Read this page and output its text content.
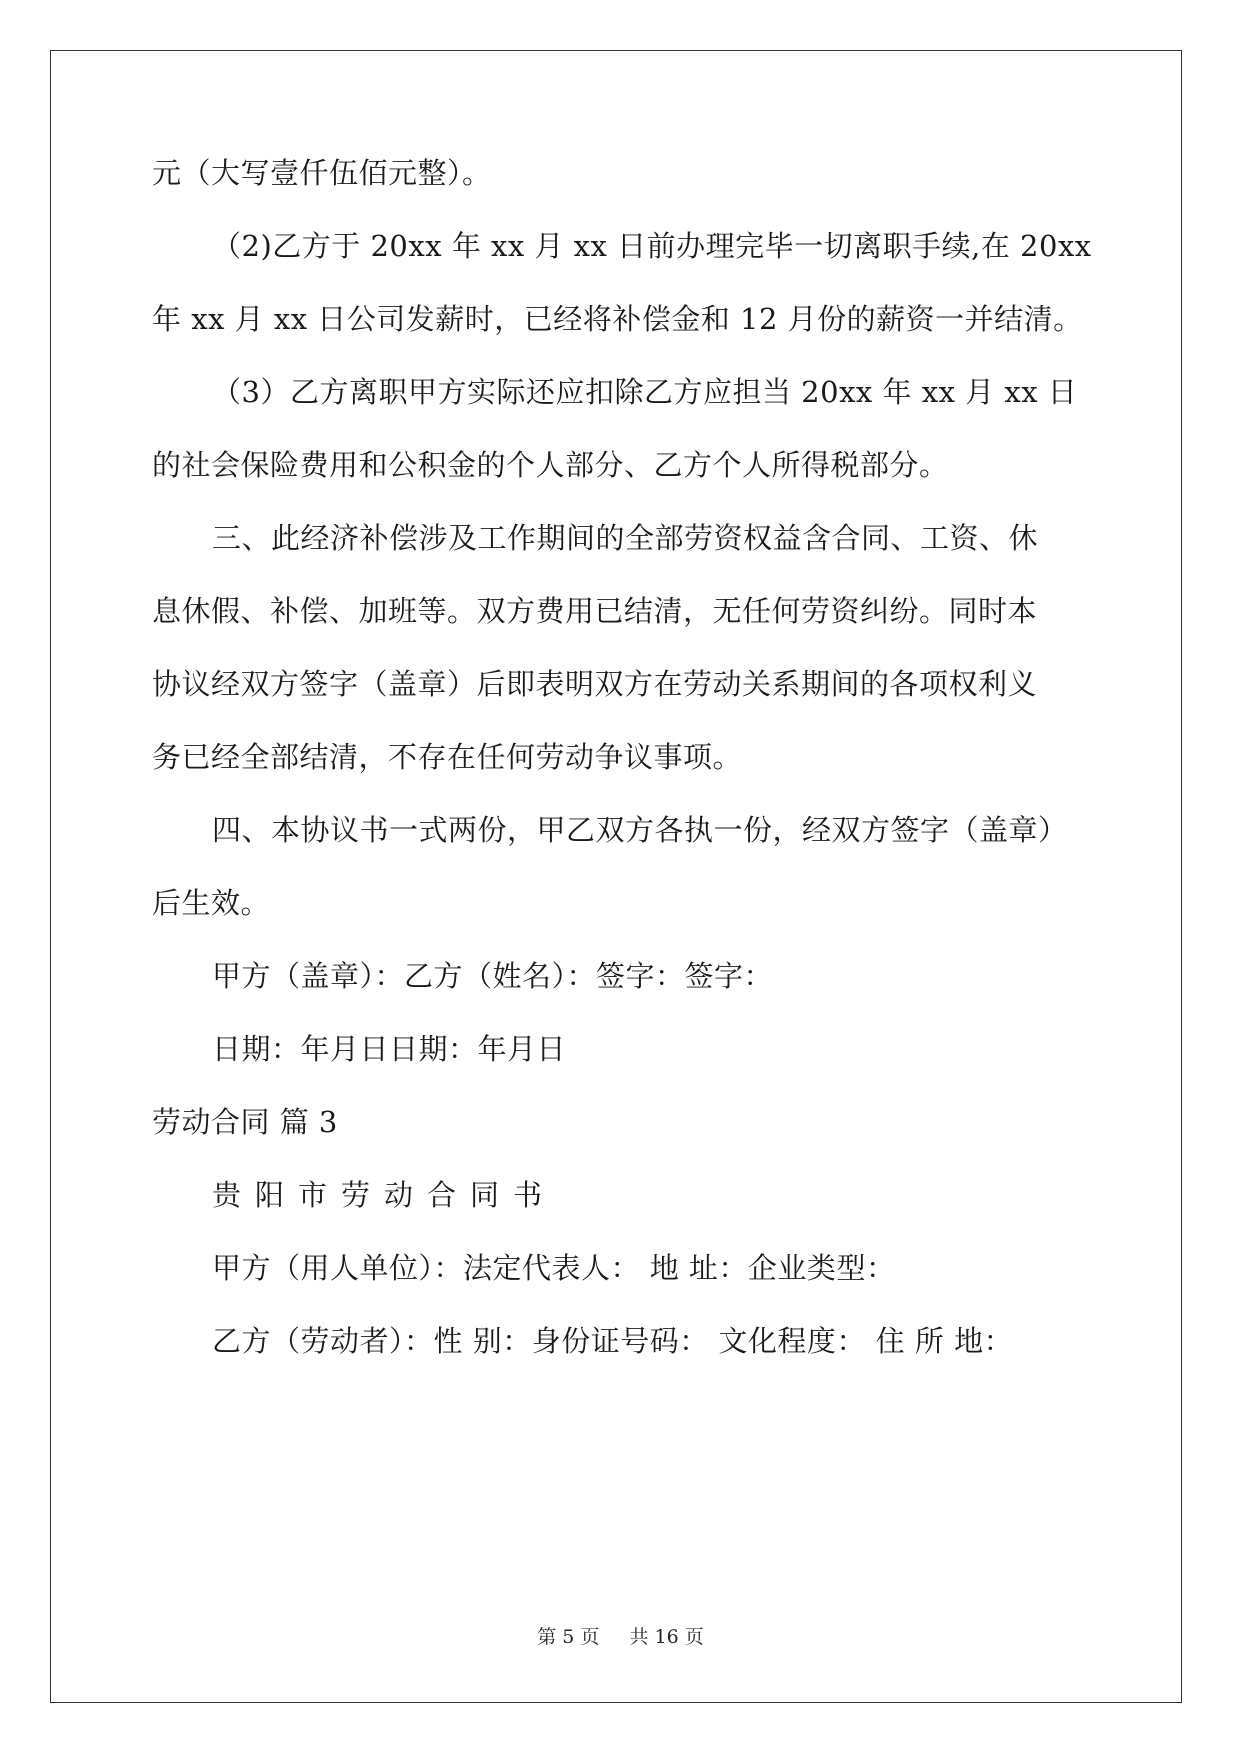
元（大写壹仟伍佰元整）。
（2)乙方于 20xx 年 xx 月 xx 日前办理完毕一切离职手续,在 20xx
年 xx 月 xx 日公司发薪时，已经将补偿金和 12 月份的薪资一并结清。
（3）乙方离职甲方实际还应扣除乙方应担当 20xx 年 xx 月 xx 日
的社会保险费用和公积金的个人部分、乙方个人所得税部分。
三、此经济补偿涉及工作期间的全部劳资权益含合同、工资、休
息休假、补偿、加班等。双方费用已结清，无任何劳资纠纷。同时本
协议经双方签字（盖章）后即表明双方在劳动关系期间的各项权利义
务已经全部结清，不存在任何劳动争议事项。
四、本协议书一式两份，甲乙双方各执一份，经双方签字（盖章）
后生效。
甲方（盖章）：乙方（姓名）：签字：签字：
日期：年月日日期：年月日
劳动合同 篇 3
贵阳市劳动合同书
甲方（用人单位）：法定代表人： 地 址：企业类型：
乙方（劳动者）：性 别：身份证号码： 文化程度： 住 所 地：
第 5 页 共 16 页
